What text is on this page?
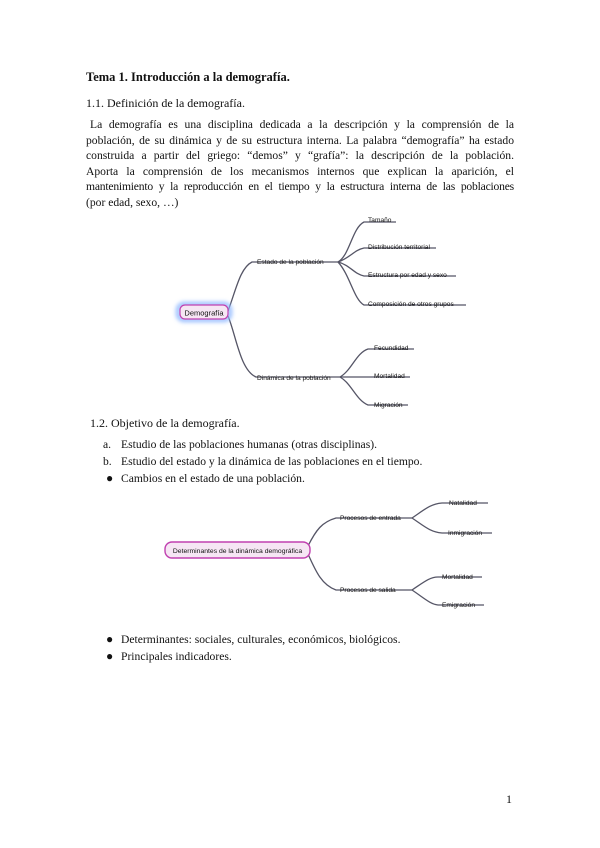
Tema 1. Introducción a la demografía.
1.1. Definición de la demografía.
La demografía es una disciplina dedicada a la descripción y la comprensión de la
población, de su dinámica y de su estructura interna. La palabra “demografía” ha estado
construida a partir del griego: “demos” y “grafía”: la descripción de la población.
Aporta la comprensión de los mecanismos internos que explican la aparición, el
mantenimiento y la reproducción en el tiempo y la estructura interna de las poblaciones
(por edad, sexo, …)
Demografía
Estado de la población
Dinámica de la población
Tamaño
Distribución territorial
Estructura por edad y sexo
Composición de otros grupos
Fecundidad
Mortalidad
Migración
Determinantes de la dinámica demográfica
Procesos de entrada
Procesos de salida
Natalidad
Inmigración
Mortalidad
Emigración
1.2. Objetivo de la demografía.
a. Estudio de las poblaciones humanas (otras disciplinas).
b. Estudio del estado y la dinámica de las poblaciones en el tiempo.
● Cambios en el estado de una población.
● Determinantes: sociales, culturales, económicos, biológicos.
● Principales indicadores.
1
